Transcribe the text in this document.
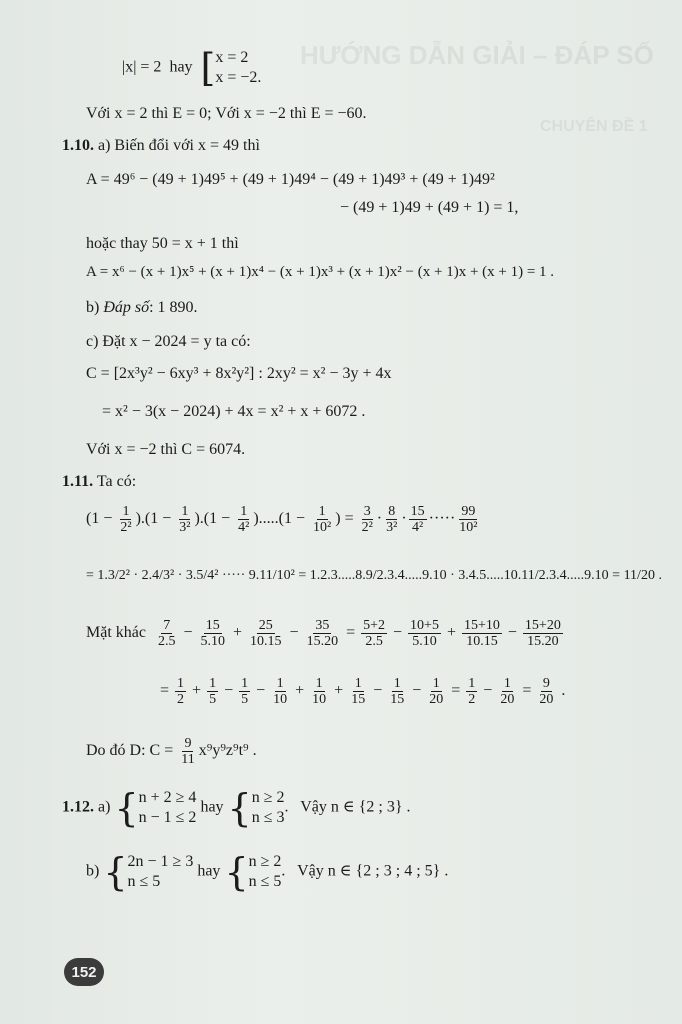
HƯỚNG DẪN GIẢI – ĐÁP SỐ
CHUYÊN ĐỀ 1
|x| = 2 hay [ x = 2
x = −2.
Với x = 2 thì E = 0; Với x = −2 thì E = −60.
1.10. a) Biến đổi với x = 49 thì
A = 49⁶ − (49 + 1)49⁵ + (49 + 1)49⁴ − (49 + 1)49³ + (49 + 1)49²
− (49 + 1)49 + (49 + 1) = 1,
hoặc thay 50 = x + 1 thì
A = x⁶ − (x + 1)x⁵ + (x + 1)x⁴ − (x + 1)x³ + (x + 1)x² − (x + 1)x + (x + 1) = 1 .
b) Đáp số: 1 890.
c) Đặt x − 2024 = y ta có:
C = [2x³y² − 6xy³ + 8x²y²] : 2xy² = x² − 3y + 4x
= x² − 3(x − 2024) + 4x = x² + x + 6072 .
Với x = −2 thì C = 6074.
1.11. Ta có:
$(1 - \frac{1}{\text{2²}} ).(1 - \frac{1}{\text{3²}} ).(1 - \frac{1}{\text{4²}} ).....(1 - \frac{1}{\text{10²}}$ ) = $\frac{3}{\text{2²}} \cdot \frac{8}{\text{3²}} \cdot \frac{15}{\text{4²}}$ ····· $\frac{99}{\text{10²}}$
= 1.3/2² · 2.4/3² · 3.5/4² ····· 9.11/10² = 1.2.3.....8.9/2.3.4.....9.10 · 3.4.5.....10.11/2.3.4.....9.10 = 11/20 .
Mặt khác $\frac{7}{2.5} - \frac{15}{5.10} + \frac{25}{10.15} - \frac{35}{15.20} = \frac{5+2}{2.5} - \frac{10+5}{5.10} + \frac{15+10}{10.15} - \frac{15+20}{15.20}$
= $\frac{1}{2} + \frac{1}{5} - \frac{1}{5} - \frac{1}{10} + \frac{1}{10} + \frac{1}{15} - \frac{1}{15} - \frac{1}{20} = \frac{1}{2} - \frac{1}{20} = \frac{9}{20}$ .
Do đó D: $C = \frac{9}{11} x^9y^9z^9t^9$ .
1.12. a) { n + 2 ≥ 4
n − 1 ≤ 2
hay { n ≥ 2
n ≤ 3
.   Vậy n ∈ {2 ; 3} .
b) { 2n − 1 ≥ 3
n ≤ 5
hay { n ≥ 2
n ≤ 5
.   Vậy n ∈ {2 ; 3 ; 4 ; 5} .
152
